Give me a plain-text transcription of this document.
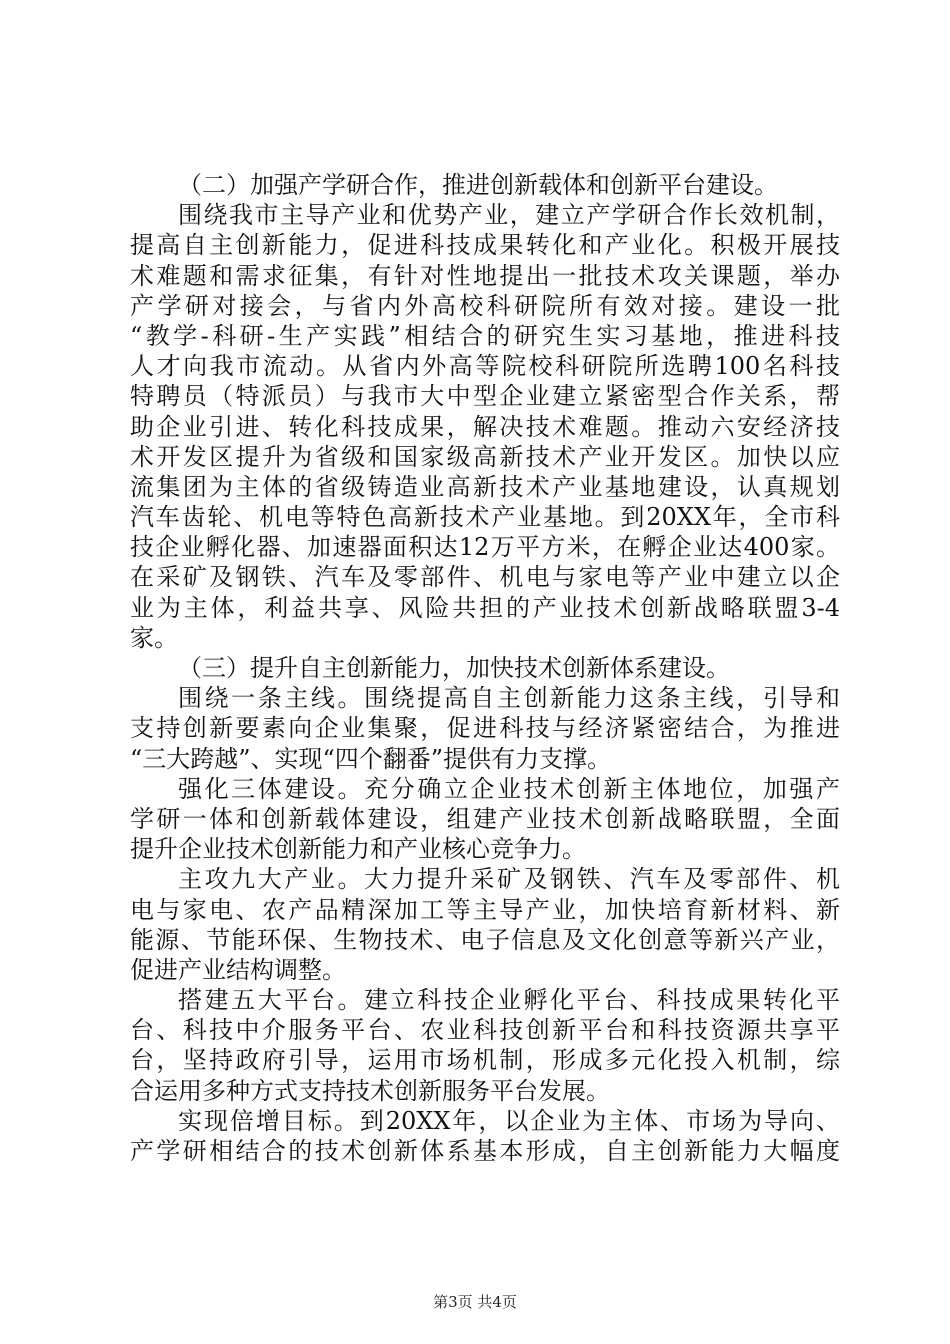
（二）加强产学研合作，推进创新载体和创新平台建设。
围绕我市主导产业和优势产业，建立产学研合作长效机制，
提高自主创新能力，促进科技成果转化和产业化。积极开展技
术难题和需求征集，有针对性地提出一批技术攻关课题，举办
产学研对接会，与省内外高校科研院所有效对接。建设一批
“教学-科研-生产实践”相结合的研究生实习基地，推进科技
人才向我市流动。从省内外高等院校科研院所选聘100名科技
特聘员（特派员）与我市大中型企业建立紧密型合作关系，帮
助企业引进、转化科技成果，解决技术难题。推动六安经济技
术开发区提升为省级和国家级高新技术产业开发区。加快以应
流集团为主体的省级铸造业高新技术产业基地建设，认真规划
汽车齿轮、机电等特色高新技术产业基地。到20XX年，全市科
技企业孵化器、加速器面积达12万平方米，在孵企业达400家。
在采矿及钢铁、汽车及零部件、机电与家电等产业中建立以企
业为主体，利益共享、风险共担的产业技术创新战略联盟3-4
家。
（三）提升自主创新能力，加快技术创新体系建设。
围绕一条主线。围绕提高自主创新能力这条主线，引导和
支持创新要素向企业集聚，促进科技与经济紧密结合，为推进
“三大跨越”、实现“四个翻番”提供有力支撑。
强化三体建设。充分确立企业技术创新主体地位，加强产
学研一体和创新载体建设，组建产业技术创新战略联盟，全面
提升企业技术创新能力和产业核心竞争力。
主攻九大产业。大力提升采矿及钢铁、汽车及零部件、机
电与家电、农产品精深加工等主导产业，加快培育新材料、新
能源、节能环保、生物技术、电子信息及文化创意等新兴产业，
促进产业结构调整。
搭建五大平台。建立科技企业孵化平台、科技成果转化平
台、科技中介服务平台、农业科技创新平台和科技资源共享平
台，坚持政府引导，运用市场机制，形成多元化投入机制，综
合运用多种方式支持技术创新服务平台发展。
实现倍增目标。到20XX年，以企业为主体、市场为导向、
产学研相结合的技术创新体系基本形成，自主创新能力大幅度
第3页 共4页
